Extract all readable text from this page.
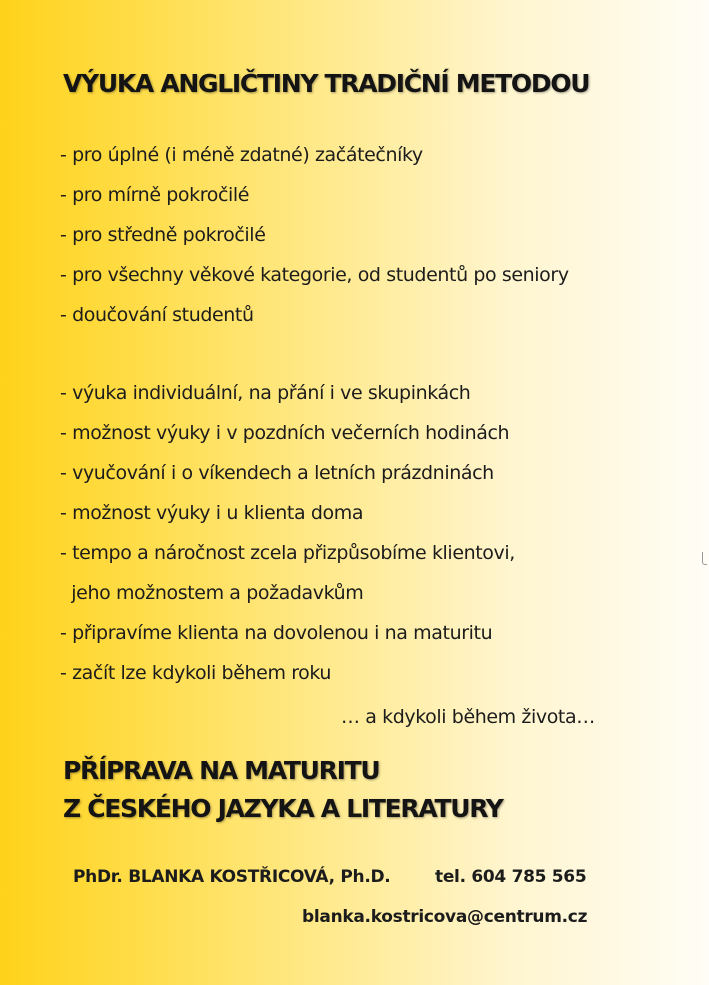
VÝUKA ANGLIČTINY TRADIČNÍ METODOU
- pro úplné (i méně zdatné) začátečníky
- pro mírně pokročilé
- pro středně pokročilé
- pro všechny věkové kategorie, od studentů po seniory
- doučování studentů
- výuka individuální, na přání i ve skupinkách
- možnost výuky i v pozdních večerních hodinách
- vyučování i o víkendech a letních prázdninách
- možnost výuky i u klienta doma
- tempo a náročnost zcela přizpůsobíme klientovi,
jeho možnostem a požadavkům
- připravíme klienta na dovolenou i na maturitu
- začít lze kdykoli během roku

… a kdykoli během života…

PŘÍPRAVA NA MATURITU
Z ČESKÉHO JAZYKA A LITERATURY

PhDr. BLANKA KOSTŘICOVÁ, Ph.D.	tel. 604 785 565

blanka.kostricova@centrum.cz
